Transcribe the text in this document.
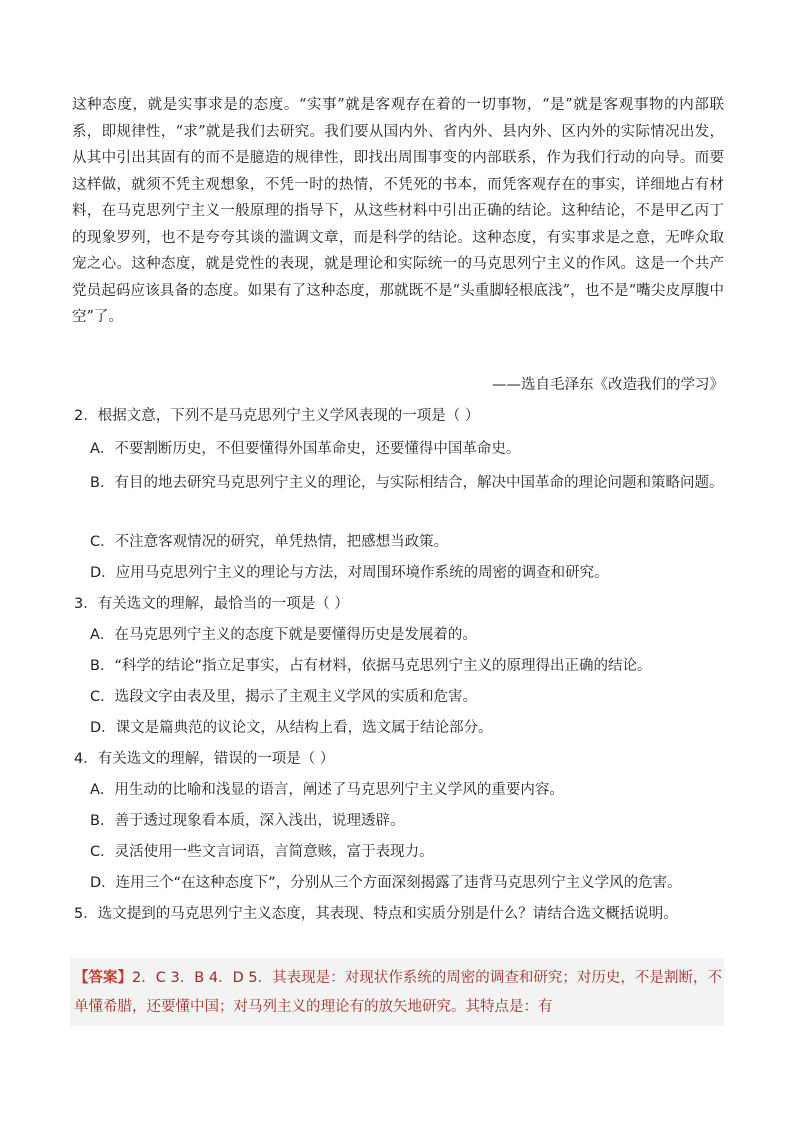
这种态度，就是实事求是的态度。“实事”就是客观存在着的一切事物，“是”就是客观事物的内部联系，即规律性，“求”就是我们去研究。我们要从国内外、省内外、县内外、区内外的实际情况出发，从其中引出其固有的而不是臆造的规律性，即找出周围事变的内部联系，作为我们行动的向导。而要这样做，就须不凭主观想象，不凭一时的热情，不凭死的书本，而凭客观存在的事实，详细地占有材料，在马克思列宁主义一般原理的指导下，从这些材料中引出正确的结论。这种结论，不是甲乙丙丁的现象罗列，也不是夸夸其谈的滥调文章，而是科学的结论。这种态度，有实事求是之意，无哗众取宠之心。这种态度，就是党性的表现，就是理论和实际统一的马克思列宁主义的作风。这是一个共产党员起码应该具备的态度。如果有了这种态度，那就既不是“头重脚轻根底浅”，也不是“嘴尖皮厚腹中空”了。
——选自毛泽东《改造我们的学习》

2．根据文意，下列不是马克思列宁主义学风表现的一项是（ ）

A．不要割断历史，不但要懂得外国革命史，还要懂得中国革命史。

B．有目的地去研究马克思列宁主义的理论，与实际相结合，解决中国革命的理论问题和策略问题。

C．不注意客观情况的研究，单凭热情，把感想当政策。

D．应用马克思列宁主义的理论与方法，对周围环境作系统的周密的调查和研究。

3．有关选文的理解，最恰当的一项是（ ）

A．在马克思列宁主义的态度下就是要懂得历史是发展着的。

B．“科学的结论”指立足事实，占有材料，依据马克思列宁主义的原理得出正确的结论。

C．选段文字由表及里，揭示了主观主义学风的实质和危害。

D．课文是篇典范的议论文，从结构上看，选文属于结论部分。

4．有关选文的理解，错误的一项是（ ）

A．用生动的比喻和浅显的语言，阐述了马克思列宁主义学风的重要内容。

B．善于透过现象看本质，深入浅出，说理透辟。

C．灵活使用一些文言词语，言简意赅，富于表现力。

D．连用三个“在这种态度下”，分别从三个方面深刻揭露了违背马克思列宁主义学风的危害。

5．选文提到的马克思列宁主义态度，其表现、特点和实质分别是什么？请结合选文概括说明。

【答案】2．C 3．B 4．D 5．其表现是：对现状作系统的周密的调查和研究；对历史，不是割断，不单懂希腊，还要懂中国；对马列主义的理论有的放矢地研究。其特点是：有
